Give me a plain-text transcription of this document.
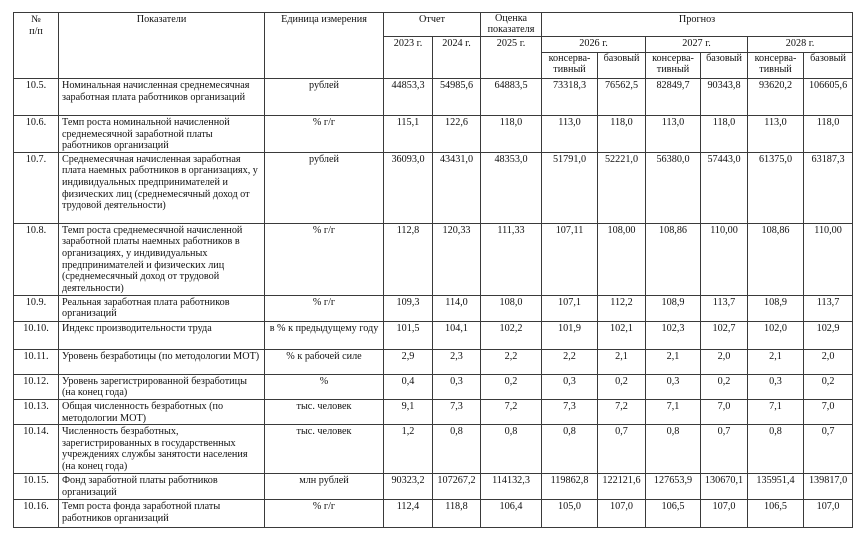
№
п/п	Показатели	Единица измерения	Отчет		Оценка показателя	Прогноз					
			2023 г.	2024 г.	2025 г.	2026 г.		2027 г.		2028 г.	
						консерва-тивный	базовый	консерва-тивный	базовый	консерва-тивный	базовый
10.5.	Номинальная начисленная среднемесячная заработная плата работников организаций	рублей	44853,3	54985,6	64883,5	73318,3	76562,5	82849,7	90343,8	93620,2	106605,6
10.6.	Темп роста номинальной начисленной среднемесячной заработной платы работников организаций	% г/г	115,1	122,6	118,0	113,0	118,0	113,0	118,0	113,0	118,0
10.7.	Среднемесячная начисленная заработная плата наемных работников в организациях, у индивидуальных предпринимателей и физических лиц (среднемесячный доход от трудовой деятельности)	рублей	36093,0	43431,0	48353,0	51791,0	52221,0	56380,0	57443,0	61375,0	63187,3
10.8.	Темп роста среднемесячной начисленной заработной платы наемных работников в организациях, у индивидуальных предпринимателей и физических лиц (среднемесячный доход от трудовой деятельности)	% г/г	112,8	120,33	111,33	107,11	108,00	108,86	110,00	108,86	110,00
10.9.	Реальная заработная плата работников организаций	% г/г	109,3	114,0	108,0	107,1	112,2	108,9	113,7	108,9	113,7
10.10.	Индекс производительности труда	в % к предыдущему году	101,5	104,1	102,2	101,9	102,1	102,3	102,7	102,0	102,9
10.11.	Уровень безработицы (по методологии МОТ)	% к рабочей силе	2,9	2,3	2,2	2,2	2,1	2,1	2,0	2,1	2,0
10.12.	Уровень зарегистрированной безработицы (на конец года)	%	0,4	0,3	0,2	0,3	0,2	0,3	0,2	0,3	0,2
10.13.	Общая численность безработных (по методологии МОТ)	тыс. человек	9,1	7,3	7,2	7,3	7,2	7,1	7,0	7,1	7,0
10.14.	Численность безработных, зарегистрированных в государственных учреждениях службы занятости населения (на конец года)	тыс. человек	1,2	0,8	0,8	0,8	0,7	0,8	0,7	0,8	0,7
10.15.	Фонд заработной платы работников организаций	млн рублей	90323,2	107267,2	114132,3	119862,8	122121,6	127653,9	130670,1	135951,4	139817,0
10.16.	Темп роста фонда заработной платы работников организаций	% г/г	112,4	118,8	106,4	105,0	107,0	106,5	107,0	106,5	107,0
